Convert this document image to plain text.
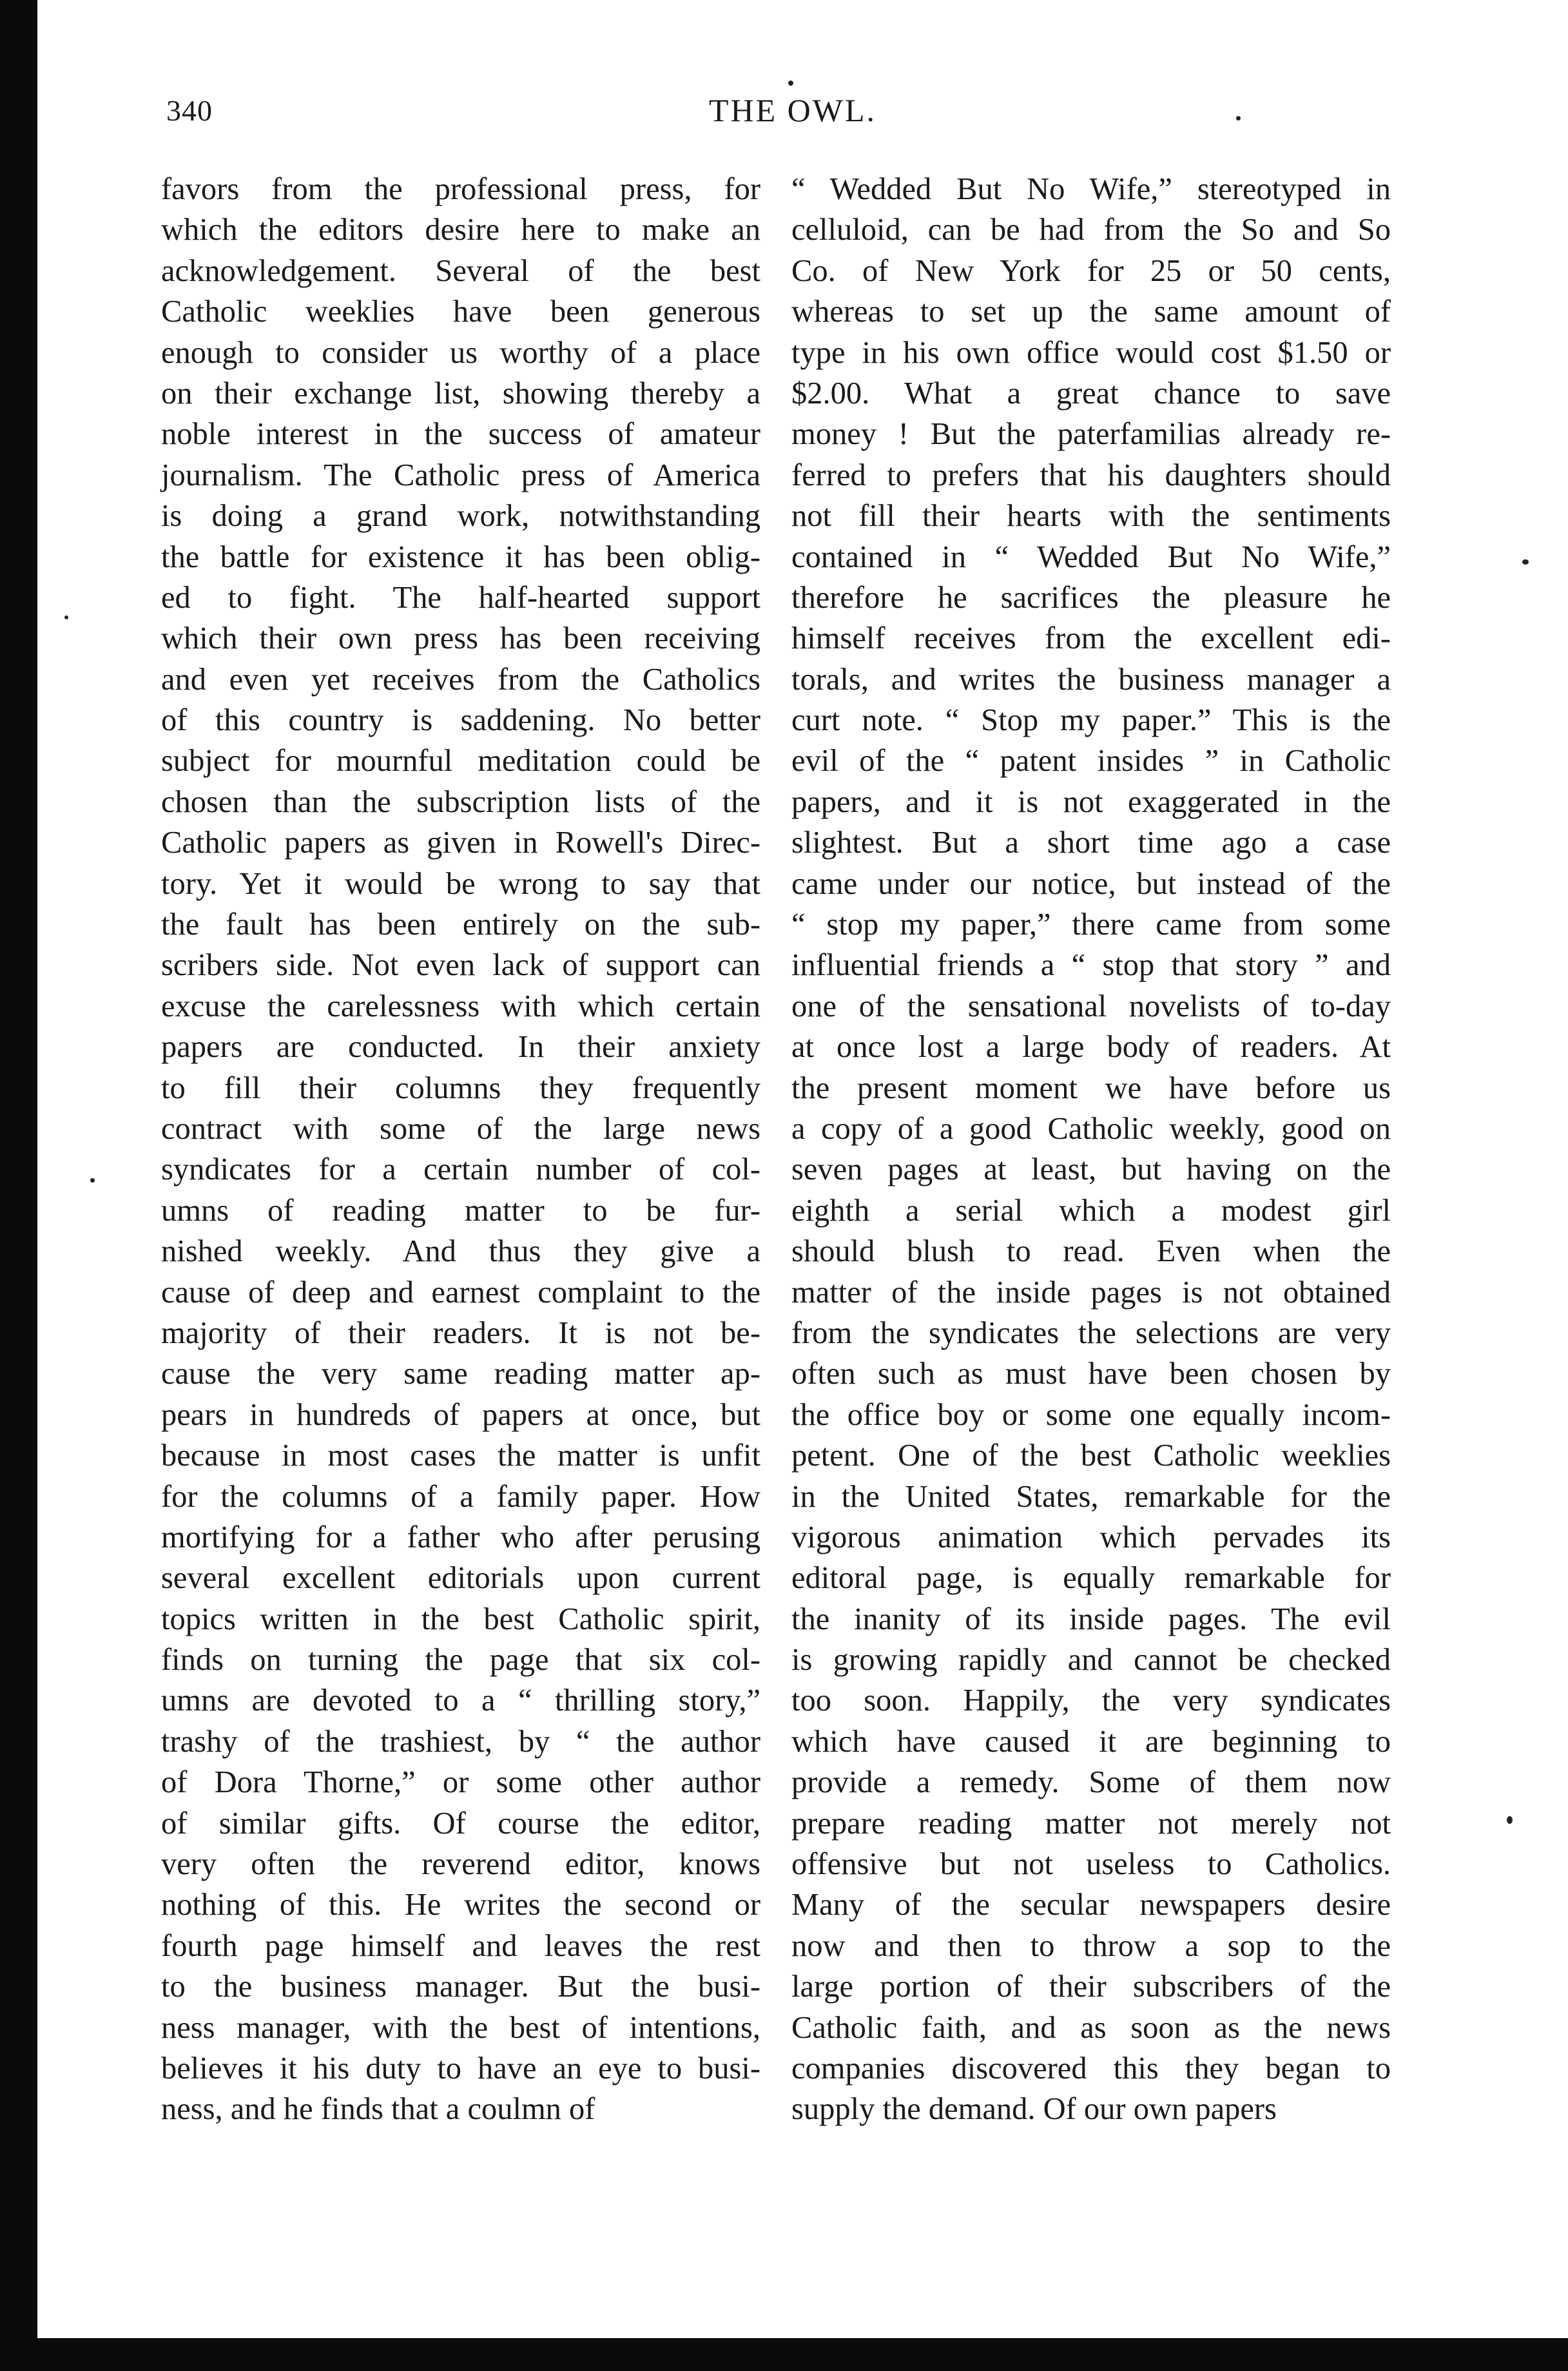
340	THE OWL.
favors from the professional press, for
which the editors desire here to make an
acknowledgement. Several of the best
Catholic weeklies have been generous
enough to consider us worthy of a place
on their exchange list, showing thereby a
noble interest in the success of amateur
journalism. The Catholic press of America
is doing a grand work, notwithstanding
the battle for existence it has been oblig-
ed to fight. The half-hearted support
which their own press has been receiving
and even yet receives from the Catholics
of this country is saddening. No better
subject for mournful meditation could be
chosen than the subscription lists of the
Catholic papers as given in Rowell's Direc-
tory. Yet it would be wrong to say that
the fault has been entirely on the sub-
scribers side. Not even lack of support can
excuse the carelessness with which certain
papers are conducted. In their anxiety
to fill their columns they frequently
contract with some of the large news
syndicates for a certain number of col-
umns of reading matter to be fur-
nished weekly. And thus they give a
cause of deep and earnest complaint to the
majority of their readers. It is not be-
cause the very same reading matter ap-
pears in hundreds of papers at once, but
because in most cases the matter is unfit
for the columns of a family paper. How
mortifying for a father who after perusing
several excellent editorials upon current
topics written in the best Catholic spirit,
finds on turning the page that six col-
umns are devoted to a “ thrilling story,”
trashy of the trashiest, by “ the author
of Dora Thorne,” or some other author
of similar gifts. Of course the editor,
very often the reverend editor, knows
nothing of this. He writes the second or
fourth page himself and leaves the rest
to the business manager. But the busi-
ness manager, with the best of intentions,
believes it his duty to have an eye to busi-
ness, and he finds that a coulmn of
“ Wedded But No Wife,” stereotyped in
celluloid, can be had from the So and So
Co. of New York for 25 or 50 cents,
whereas to set up the same amount of
type in his own office would cost $1.50 or
$2.00. What a great chance to save
money ! But the paterfamilias already re-
ferred to prefers that his daughters should
not fill their hearts with the sentiments
contained in “ Wedded But No Wife,”
therefore he sacrifices the pleasure he
himself receives from the excellent edi-
torals, and writes the business manager a
curt note. “ Stop my paper.” This is the
evil of the “ patent insides ” in Catholic
papers, and it is not exaggerated in the
slightest. But a short time ago a case
came under our notice, but instead of the
“ stop my paper,” there came from some
influential friends a “ stop that story ” and
one of the sensational novelists of to-day
at once lost a large body of readers. At
the present moment we have before us
a copy of a good Catholic weekly, good on
seven pages at least, but having on the
eighth a serial which a modest girl
should blush to read. Even when the
matter of the inside pages is not obtained
from the syndicates the selections are very
often such as must have been chosen by
the office boy or some one equally incom-
petent. One of the best Catholic weeklies
in the United States, remarkable for the
vigorous animation which pervades its
editoral page, is equally remarkable for
the inanity of its inside pages. The evil
is growing rapidly and cannot be checked
too soon. Happily, the very syndicates
which have caused it are beginning to
provide a remedy. Some of them now
prepare reading matter not merely not
offensive but not useless to Catholics.
Many of the secular newspapers desire
now and then to throw a sop to the
large portion of their subscribers of the
Catholic faith, and as soon as the news
companies discovered this they began to
supply the demand. Of our own papers
